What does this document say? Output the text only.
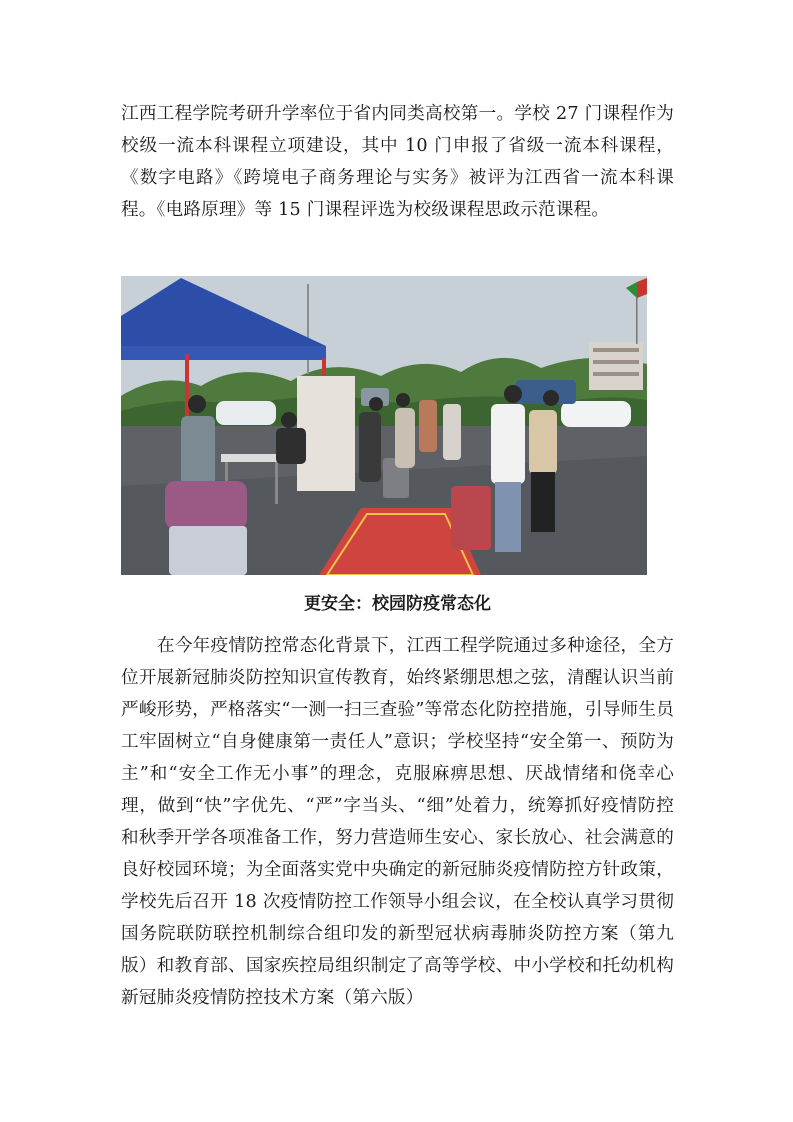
江西工程学院考研升学率位于省内同类高校第一。学校 27 门课程作为校级一流本科课程立项建设，其中 10 门申报了省级一流本科课程，《数字电路》《跨境电子商务理论与实务》被评为江西省一流本科课程。《电路原理》等 15 门课程评选为校级课程思政示范课程。

更安全：校园防疫常态化

在今年疫情防控常态化背景下，江西工程学院通过多种途径，全方位开展新冠肺炎防控知识宣传教育，始终紧绷思想之弦，清醒认识当前严峻形势，严格落实“一测一扫三查验”等常态化防控措施，引导师生员工牢固树立“自身健康第一责任人”意识；学校坚持“安全第一、预防为主”和“安全工作无小事”的理念，克服麻痹思想、厌战情绪和侥幸心理，做到“快”字优先、“严”字当头、“细”处着力，统筹抓好疫情防控和秋季开学各项准备工作，努力营造师生安心、家长放心、社会满意的良好校园环境；为全面落实党中央确定的新冠肺炎疫情防控方针政策，学校先后召开 18 次疫情防控工作领导小组会议，在全校认真学习贯彻国务院联防联控机制综合组印发的新型冠状病毒肺炎防控方案（第九版）和教育部、国家疾控局组织制定了高等学校、中小学校和托幼机构新冠肺炎疫情防控技术方案（第六版）
